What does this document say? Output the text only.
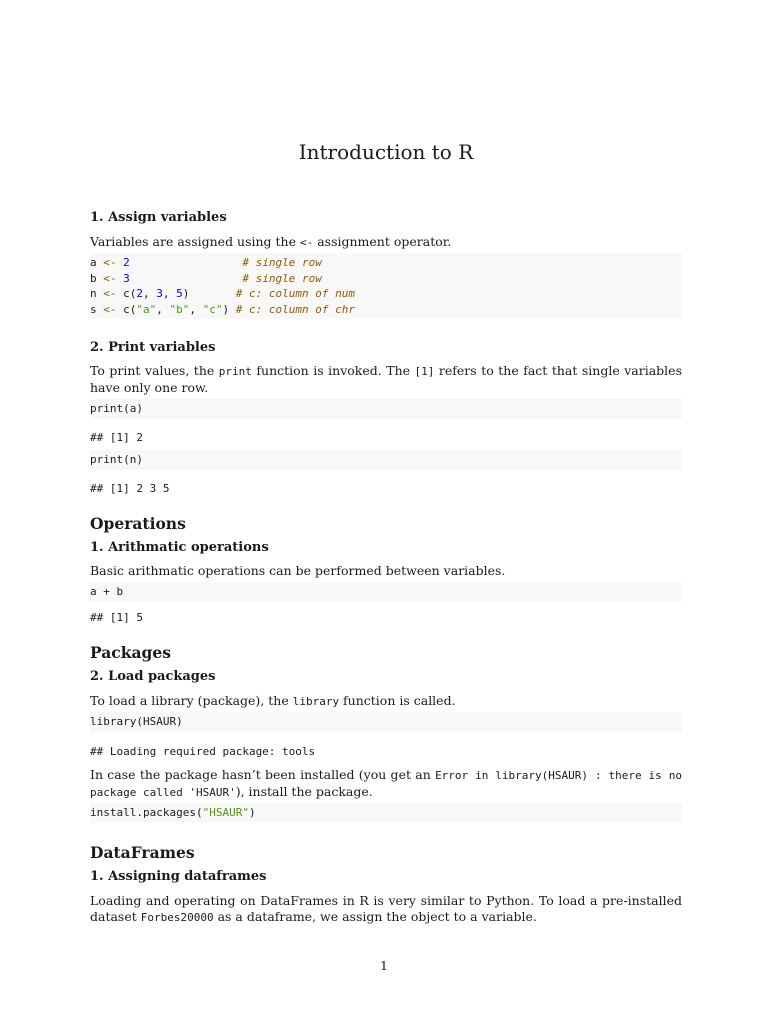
Introduction to R
1. Assign variables
Variables are assigned using the <- assignment operator.
a <- 2	# single row
b <- 3	# single row
n <- c(2, 3, 5)       # c: column of num
s <- c("a", "b", "c") # c: column of chr
2. Print variables
To print values, the print function is invoked. The [1] refers to the fact that single variables have only one row.
print(a)
## [1] 2
print(n)
## [1] 2 3 5
Operations
1. Arithmatic operations
Basic arithmatic operations can be performed between variables.
a + b
## [1] 5
Packages
2. Load packages
To load a library (package), the library function is called.
library(HSAUR)
## Loading required package: tools
In case the package hasn’t been installed (you get an Error in library(HSAUR) : there is no package called 'HSAUR'), install the package.
install.packages("HSAUR")
DataFrames
1. Assigning dataframes
Loading and operating on DataFrames in R is very similar to Python. To load a pre-installed dataset Forbes20000 as a dataframe, we assign the object to a variable.
1
